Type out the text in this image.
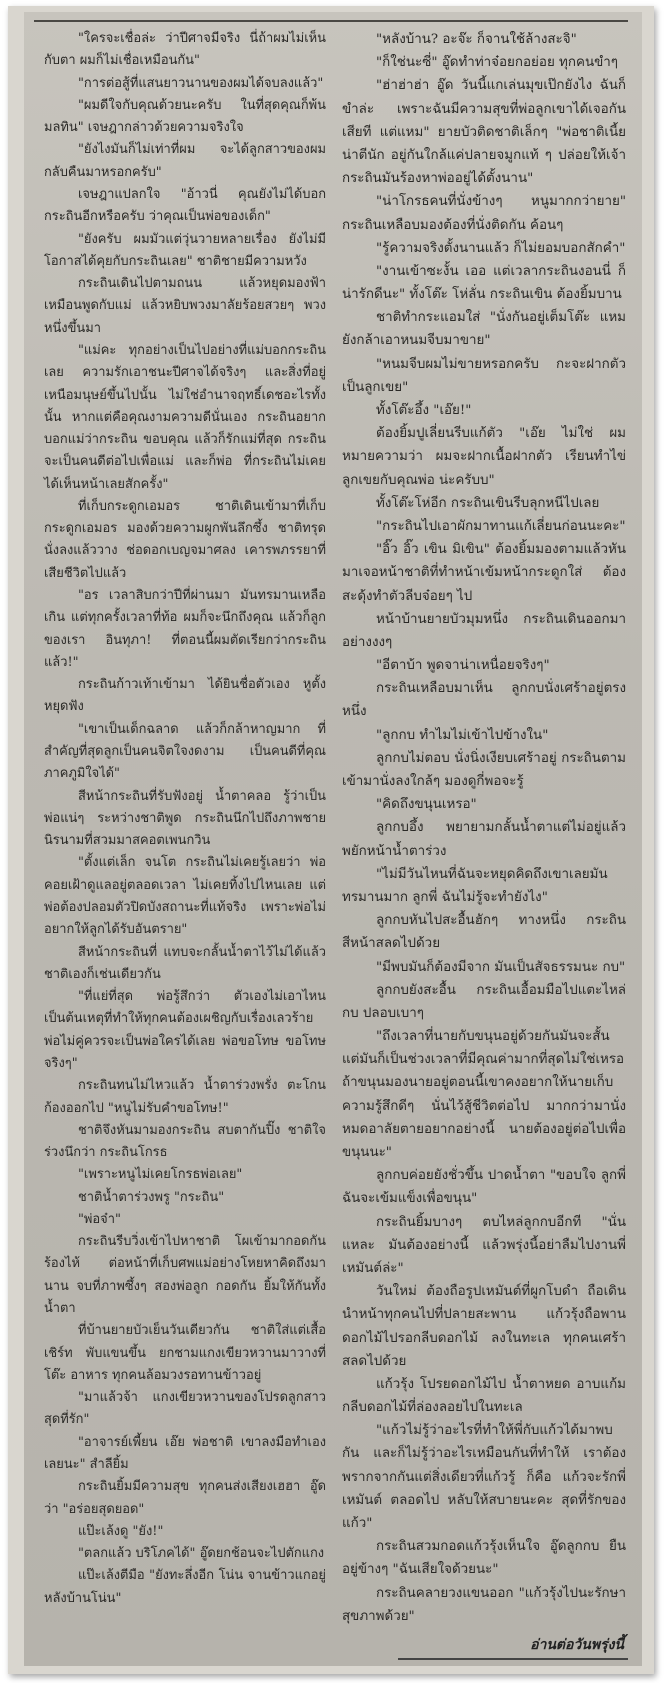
"ใครจะเชื่อล่ะ ว่าปีศาจมีจริง นี่ถ้าผมไม่เห็นกับตา ผมก็ไม่เชื่อเหมือนกัน"

"การต่อสู้ที่แสนยาวนานของผมได้จบลงแล้ว"

"ผมดีใจกับคุณด้วยนะครับ ในที่สุดคุณก็พ้นมลทิน" เจษฎากล่าวด้วยความจริงใจ

"ยังไงมันก็ไม่เท่าที่ผม จะได้ลูกสาวของผมกลับคืนมาหรอกครับ"

เจษฎาแปลกใจ "อ้าวนี่ คุณยังไม่ได้บอกกระถินอีกหรือครับ ว่าคุณเป็นพ่อของเด็ก"

"ยังครับ ผมมัวแต่วุ่นวายหลายเรื่อง ยังไม่มีโอกาสได้คุยกับกระถินเลย" ชาติชายมีความหวัง

กระถินเดินไปตามถนน แล้วหยุดมองฟ้าเหมือนพูดกับแม่ แล้วหยิบพวงมาลัยร้อยสวยๆ พวงหนึ่งขึ้นมา

"แม่คะ ทุกอย่างเป็นไปอย่างที่แม่บอกกระถินเลย ความรักเอาชนะปีศาจได้จริงๆ และสิ่งที่อยู่เหนือมนุษย์ขึ้นไปนั้น ไม่ใช่อำนาจฤทธิ์เดชอะไรทั้งนั้น หากแต่คือคุณงามความดีนั่นเอง กระถินอยากบอกแม่ว่ากระถิน ขอบคุณ แล้วก็รักแม่ที่สุด กระถินจะเป็นคนดีต่อไปเพื่อแม่ และก็พ่อ ที่กระถินไม่เคยได้เห็นหน้าเลยสักครั้ง"

ที่เก็บกระดูกเอมอร ชาติเดินเข้ามาที่เก็บกระดูกเอมอร มองด้วยความผูกพันลึกซึ้ง ชาติทรุดนั่งลงแล้ววาง ช่อดอกเบญจมาศลง เคารพภรรยาที่เสียชีวิตไปแล้ว

"อร เวลาสิบกว่าปีที่ผ่านมา มันทรมานเหลือเกิน แต่ทุกครั้งเวลาที่ท้อ ผมก็จะนึกถึงคุณ แล้วก็ลูกของเรา อินทุภา! ที่ตอนนี้ผมตัดเรียกว่ากระถิน แล้ว!"

กระถินก้าวเท้าเข้ามา ได้ยินชื่อตัวเอง หูตั้งหยุดฟัง

"เขาเป็นเด็กฉลาด แล้วก็กล้าหาญมาก ที่สำคัญที่สุดลูกเป็นคนจิตใจงดงาม เป็นคนดีที่คุณภาคภูมิใจได้"

สีหน้ากระถินที่รับฟังอยู่ น้ำตาคลอ รู้ว่าเป็นพ่อแน่ๆ ระหว่างชาติพูด กระถินนึกไปถึงภาพชายนิรนามที่สวมมาสคอตเพนกวิน

"ตั้งแต่เล็ก จนโต กระถินไม่เคยรู้เลยว่า พ่อคอยเฝ้าดูแลอยู่ตลอดเวลา ไม่เคยทิ้งไปไหนเลย แต่พ่อต้องปลอมตัวปิดบังสถานะที่แท้จริง เพราะพ่อไม่อยากให้ลูกได้รับอันตราย"

สีหน้ากระถินที่ แทบจะกลั้นน้ำตาไว้ไม่ได้แล้ว ชาติเองก็เช่นเดียวกัน

"ที่แย่ที่สุด พ่อรู้สึกว่า ตัวเองไม่เอาไหน เป็นต้นเหตุที่ทำให้ทุกคนต้องเผชิญกับเรื่องเลวร้าย พ่อไม่คู่ควรจะเป็นพ่อใครได้เลย พ่อขอโทษ ขอโทษจริงๆ"

กระถินทนไม่ไหวแล้ว น้ำตาร่วงพรั่ง ตะโกนก้องออกไป "หนูไม่รับคำขอโทษ!"

ชาติจึงหันมามองกระถิน สบตากันปิ๊ง ชาติใจร่วงนึกว่า กระถินโกรธ

"เพราะหนูไม่เคยโกรธพ่อเลย"

ชาตินํ้าตาร่วงพรู "กระถิน"

"พ่อจ๋า"

กระถินรีบวิ่งเข้าไปหาชาติ โผเข้ามากอดกันร้องไห้ ต่อหน้าที่เก็บศพแม่อย่างโหยหาคิดถึงมานาน จบที่ภาพซึ้งๆ สองพ่อลูก กอดกัน ยิ้มให้กันทั้งน้ำตา

ที่บ้านยายบัวเย็นวันเดียวกัน ชาติใส่แต่เสื้อเชิร์ท พับแขนขึ้น ยกชามแกงเขียวหวานมาวางที่โต๊ะ อาหาร ทุกคนล้อมวงรอทานข้าวอยู่

"มาแล้วจ้า แกงเขียวหวานของโปรดลูกสาวสุดที่รัก"

"อาจารย์เพี้ยน เอ๊ย พ่อชาติ เขาลงมือทำเองเลยนะ" สำลียิ้ม

กระถินยิ้มมีความสุข ทุกคนส่งเสียงเฮฮา อู๊ดว่า "อร่อยสุดยอด"

แป๊ะเล้งดู "ยัง!"

"ตลกแล้ว บริโภคได้" อู๊ดยกช้อนจะไปตักแกง

แป๊ะเล้งตีมือ "ยังทะลึ่งอีก โน่น จานข้าวแกอยู่หลังบ้านโน่น"

"หลังบ้าน? อะจ๊ะ ก็จานใช้ล้างสะจิ"

"ก็ใช่นะซี่" อู๊ดทำท่าจ๋อยกอย่อย ทุกคนขำๆ

"ฮ่าฮ่าฮ่า อู๊ด วันนี้แกเล่นมุขเป๊กยังไง ฉันก็ขำล่ะ เพราะฉันมีความสุขที่พ่อลูกเขาได้เจอกันเสียที แต่แหม" ยายบัวติดชาติเล็กๆ "พ่อชาติเนี้ยน่าตีนัก อยู่กันใกล้แค่ปลายจมูกแท้ ๆ ปล่อยให้เจ้ากระถินมันร้องหาพ่ออยู่ได้ตั้งนาน"

"น่าโกรธคนที่นั่งข้างๆ หนูมากกว่ายาย" กระถินเหลือบมองต้องที่นั่งติดกัน ค้อนๆ

"รู้ความจริงตั้งนานแล้ว ก็ไม่ยอมบอกสักคำ"

"งานเข้าซะงั้น เออ แต่เวลากระถินงอนนี่ ก็น่ารักดีนะ" ทั้งโต๊ะ โห่ลั่น กระถินเขิน ต้องยิ้มบาน

ชาติทำกระแอมใส่ "นั่งกันอยู่เต็มโต๊ะ แหมยังกล้าเอาหนมจีบมาขาย"

"หนมจีบผมไม่ขายหรอกครับ กะจะฝากตัวเป็นลูกเขย"

ทั้งโต๊ะอึ้ง "เอ๊ย!"

ต้องยิ้มปูเลี่ยนรีบแก้ตัว "เอ๊ย ไม่ใช่ ผมหมายความว่า ผมจะฝากเนื้อฝากตัว เรียนทำไข่ลูกเขยกับคุณพ่อ น่ะครับบ"

ทั้งโต๊ะโห่อีก กระถินเขินรีบลุกหนีไปเลย

"กระถินไปเอาผักมาทานแก้เลี่ยนก่อนนะคะ"

"อิ๊ว อิ๊ว เขิน มิเขิน" ต้องยิ้มมองตามแล้วหันมาเจอหน้าชาติที่ทำหน้าเข้มหน้ากระดูกใส่ ต้องสะดุ้งทำตัวลีบจ๋อยๆ ไป

หน้าบ้านยายบัวมุมหนึ่ง กระถินเดินออกมาอย่างงงๆ

"อีตาบ้า พูดจาน่าเหนื่อยจริงๆ"

กระถินเหลือบมาเห็น ลูกกบนั่งเศร้าอยู่ตรงหนึ่ง

"ลูกกบ ทำไมไม่เข้าไปข้างใน"

ลูกกบไม่ตอบ นั่งนิ่งเงียบเศร้าอยู่ กระถินตามเข้ามานั่งลงใกล้ๆ มองดูกี่พอจะรู้

"คิดถึงขนุนเหรอ"

ลูกกบอึ้ง พยายามกลั้นน้ำตาแต่ไม่อยู่แล้ว พยักหน้าน้ำตาร่วง

"ไม่มีวันไหนที่ฉันจะหยุดคิดถึงเขาเลยมันทรมานมาก ลูกพี่ ฉันไม่รู้จะทำยังไง"

ลูกกบหันไปสะอื้นฮักๆ ทางหนึ่ง กระถินสีหน้าสลดไปด้วย

"มีพบมันก็ต้องมีจาก มันเป็นสัจธรรมนะ กบ"

ลูกกบยังสะอื้น กระถินเอื้อมมือไปแตะไหล่กบ ปลอบเบาๆ

"ถึงเวลาที่นายกับขนุนอยู่ด้วยกันมันจะสั้นแต่มันก็เป็นช่วงเวลาที่มีคุณค่ามากที่สุดไม่ใช่เหรอถ้าขนุนมองนายอยู่ตอนนี้เขาคงอยากให้นายเก็บความรู้สึกดีๆ นั่นไว้สู้ชีวิตต่อไป มากกว่ามานั่งหมดอาลัยตายอยากอย่างนี้ นายต้องอยู่ต่อไปเพื่อขนุนนะ"

ลูกกบค่อยยังชั่วขึ้น ปาดน้ำตา "ขอบใจ ลูกพี่ ฉันจะเข้มแข็งเพื่อขนุน"

กระถินยิ้มบางๆ ตบไหล่ลูกกบอีกที "นั่นแหละ มันต้องอย่างนี้ แล้วพรุ่งนี้อย่าลืมไปงานพี่เหมันต์ล่ะ"

วันใหม่ ต้องถือรูปเหมันต์ที่ผูกโบดำ ถือเดินนำหน้าทุกคนไปที่ปลายสะพาน แก้วรุ้งถือพานดอกไม้ไปรอกลีบดอกไม้ ลงในทะเล ทุกคนเศร้าสลดไปด้วย

แก้วรุ้ง โปรยดอกไม้ไป น้ำตาหยด อาบแก้ม กลีบดอกไม้ที่ล่องลอยไปในทะเล

"แก้วไม่รู้ว่าอะไรที่ทำให้พี่กับแก้วได้มาพบกัน และก็ไม่รู้ว่าอะไรเหมือนกันที่ทำให้ เราต้องพรากจากกันแต่สิ่งเดียวที่แก้วรู้ ก็คือ แก้วจะรักพี่เหมันต์ ตลอดไป หลับให้สบายนะคะ สุดที่รักของแก้ว"

กระถินสวมกอดแก้วรุ้งเห็นใจ อู๊ดลูกกบ ยืนอยู่ข้างๆ "ฉันเสียใจด้วยนะ"

กระถินคลายวงแขนออก "แก้วรุ้งไปนะรักษาสุขภาพด้วย"

อ่านต่อวันพรุ่งนี้
